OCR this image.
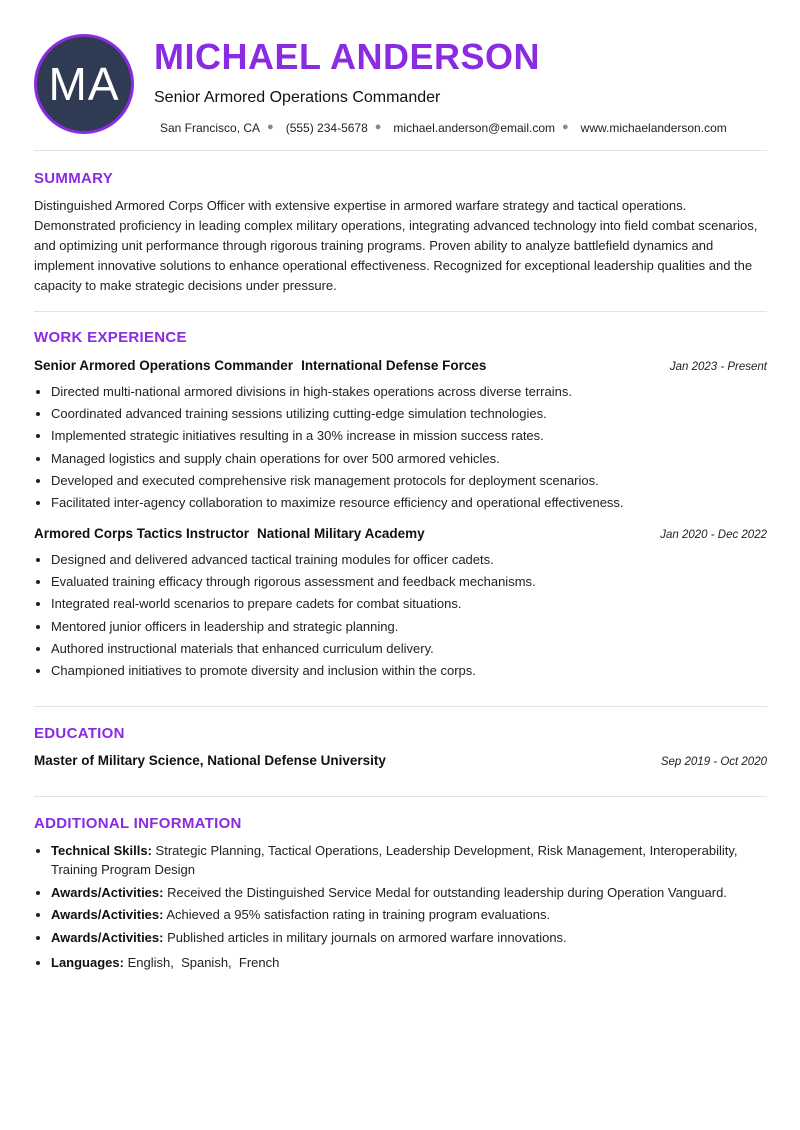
MA
MICHAEL ANDERSON
Senior Armored Operations Commander
San Francisco, CA ● (555) 234-5678 ● michael.anderson@email.com ● www.michaelanderson.com
SUMMARY

Distinguished Armored Corps Officer with extensive expertise in armored warfare strategy and tactical operations. Demonstrated proficiency in leading complex military operations, integrating advanced technology into field combat scenarios, and optimizing unit performance through rigorous training programs. Proven ability to analyze battlefield dynamics and implement innovative solutions to enhance operational effectiveness. Recognized for exceptional leadership qualities and the capacity to make strategic decisions under pressure.

WORK EXPERIENCE
Senior Armored Operations Commander International Defense Forces	Jan 2023 - Present
• Directed multi-national armored divisions in high-stakes operations across diverse terrains.
• Coordinated advanced training sessions utilizing cutting-edge simulation technologies.
• Implemented strategic initiatives resulting in a 30% increase in mission success rates.
• Managed logistics and supply chain operations for over 500 armored vehicles.
• Developed and executed comprehensive risk management protocols for deployment scenarios.
• Facilitated inter-agency collaboration to maximize resource efficiency and operational effectiveness.
Armored Corps Tactics Instructor National Military Academy	Jan 2020 - Dec 2022
• Designed and delivered advanced tactical training modules for officer cadets.
• Evaluated training efficacy through rigorous assessment and feedback mechanisms.
• Integrated real-world scenarios to prepare cadets for combat situations.
• Mentored junior officers in leadership and strategic planning.
• Authored instructional materials that enhanced curriculum delivery.
• Championed initiatives to promote diversity and inclusion within the corps.
EDUCATION
Master of Military Science, National Defense University	Sep 2019 - Oct 2020
ADDITIONAL INFORMATION
• Technical Skills: Strategic Planning, Tactical Operations, Leadership Development, Risk Management, Interoperability, Training Program Design
• Awards/Activities: Received the Distinguished Service Medal for outstanding leadership during Operation Vanguard.
• Awards/Activities: Achieved a 95% satisfaction rating in training program evaluations.
• Awards/Activities: Published articles in military journals on armored warfare innovations.
• Languages: English,  Spanish,  French
